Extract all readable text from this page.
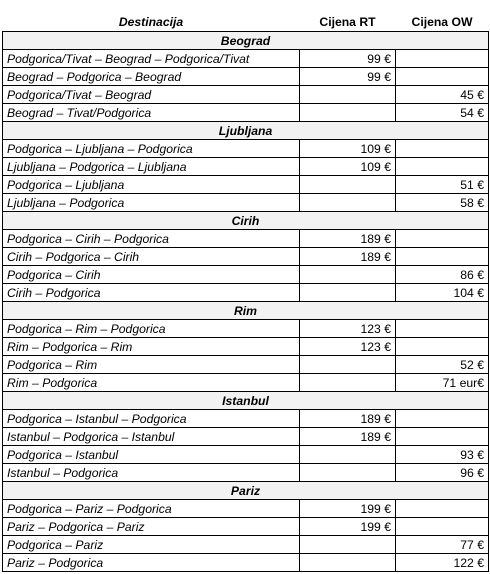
Destinacija	Cijena RT	Cijena OW
Beograd		
Podgorica/Tivat – Beograd – Podgorica/Tivat	99 €	
Beograd – Podgorica – Beograd	99 €	
Podgorica/Tivat – Beograd		45 €
Beograd – Tivat/Podgorica		54 €
Ljubljana		
Podgorica – Ljubljana – Podgorica	109 €	
Ljubljana – Podgorica – Ljubljana	109 €	
Podgorica – Ljubljana		51 €
Ljubljana – Podgorica		58 €
Cirih		
Podgorica – Cirih – Podgorica	189 €	
Cirih – Podgorica – Cirih	189 €	
Podgorica – Cirih		86 €
Cirih – Podgorica		104 €
Rim		
Podgorica – Rim – Podgorica	123 €	
Rim – Podgorica – Rim	123 €	
Podgorica – Rim		52 €
Rim – Podgorica		71 eur€
Istanbul		
Podgorica – Istanbul – Podgorica	189 €	
Istanbul – Podgorica – Istanbul	189 €	
Podgorica – Istanbul		93 €
Istanbul – Podgorica		96 €
Pariz		
Podgorica – Pariz – Podgorica	199 €	
Pariz – Podgorica – Pariz	199 €	
Podgorica – Pariz		77 €
Pariz – Podgorica		122 €
